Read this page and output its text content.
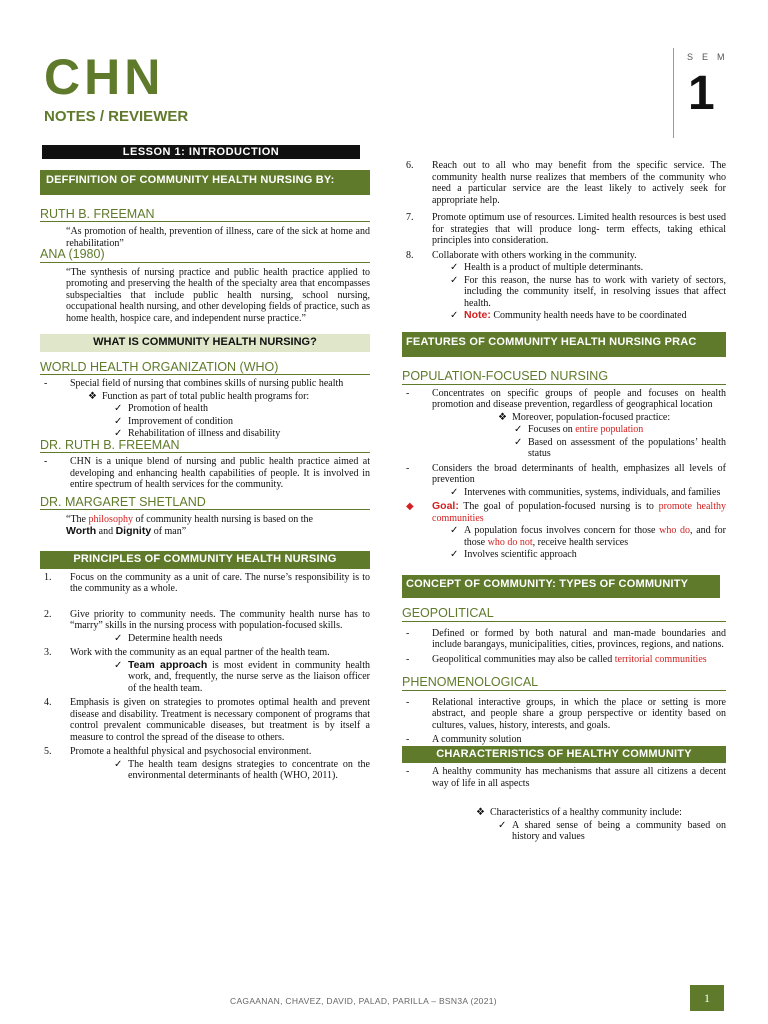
CHN
NOTES / REVIEWER
SEM
1
LESSON 1: INTRODUCTION
DEFFINITION OF COMMUNITY HEALTH NURSING BY:
RUTH B. FREEMAN
“As promotion of health, prevention of illness, care of the sick at home and rehabilitation”
ANA (1980)
“The synthesis of nursing practice and public health practice applied to promoting and preserving the health of the specialty area that encompasses subspecialties that include public health nursing, school nursing, occupational health nursing, and other developing fields of practice, such as home health, hospice care, and independent nurse practice.”
WHAT IS COMMUNITY HEALTH NURSING?
WORLD HEALTH ORGANIZATION (WHO)
-	Special field of nursing that combines skills of nursing public health
❖ Function as part of total public health programs for:
✓ Promotion of health
✓ Improvement of condition
✓ Rehabilitation of illness and disability
DR. RUTH B. FREEMAN
-	CHN is a unique blend of nursing and public health practice aimed at developing and enhancing health capabilities of people. It is involved in entire spectrum of health services for the community.
DR. MARGARET SHETLAND
“The philosophy of community health nursing is based on the
Worth and Dignity of man”
PRINCIPLES OF COMMUNITY HEALTH NURSING
1.	Focus on the community as a unit of care. The nurse’s responsibility is to the community as a whole.
2.	Give priority to community needs. The community health nurse has to “marry” skills in the nursing process with population-focused skills.
✓ Determine health needs
3.	Work with the community as an equal partner of the health team.
✓ Team approach is most evident in community health work, and, frequently, the nurse serve as the liaison officer of the health team.
4.	Emphasis is given on strategies to promotes optimal health and prevent disease and disability. Treatment is necessary component of programs that control prevalent communicable diseases, but treatment is by itself a measure to control the spread of the disease to others.
5.	Promote a healthful physical and psychosocial environment.
✓ The health team designs strategies to concentrate on the environmental determinants of health (WHO, 2011).
6.	Reach out to all who may benefit from the specific service. The community health nurse realizes that members of the community who need a particular service are the least likely to actively seek for appropriate help.
7.	Promote optimum use of resources. Limited health resources is best used for strategies that will produce long- term effects, taking ethical principles into consideration.
8.	Collaborate with others working in the community.
✓ Health is a product of multiple determinants.
✓ For this reason, the nurse has to work with variety of sectors, including the community itself, in resolving issues that affect health.
✓ Note: Community health needs have to be coordinated
FEATURES OF COMMUNITY HEALTH NURSING PRAC
POPULATION-FOCUSED NURSING
-	Concentrates on specific groups of people and focuses on health promotion and disease prevention, regardless of geographical location
❖ Moreover, population-focused practice:
✓ Focuses on entire population
✓ Based on assessment of the populations’ health status
-	Considers the broad determinants of health, emphasizes all levels of prevention
✓ Intervenes with communities, systems, individuals, and families
◆	Goal: The goal of population-focused nursing is to promote healthy communities
✓ A population focus involves concern for those who do, and for those who do not, receive health services
✓ Involves scientific approach
CONCEPT OF COMMUNITY: TYPES OF COMMUNITY
GEOPOLITICAL
-	Defined or formed by both natural and man-made boundaries and include barangays, municipalities, cities, provinces, regions, and nations.
-	Geopolitical communities may also be called territorial communities
PHENOMENOLOGICAL
-	Relational interactive groups, in which the place or setting is more abstract, and people share a group perspective or identity based on cultures, values, history, interests, and goals.
-	A community solution
CHARACTERISTICS OF HEALTHY COMMUNITY
-	A healthy community has mechanisms that assure all citizens a decent way of life in all aspects
❖ Characteristics of a healthy community include:
✓ A shared sense of being a community based on history and values
CAGAANAN, CHAVEZ, DAVID, PALAD, PARILLA – BSN3A (2021)	1
